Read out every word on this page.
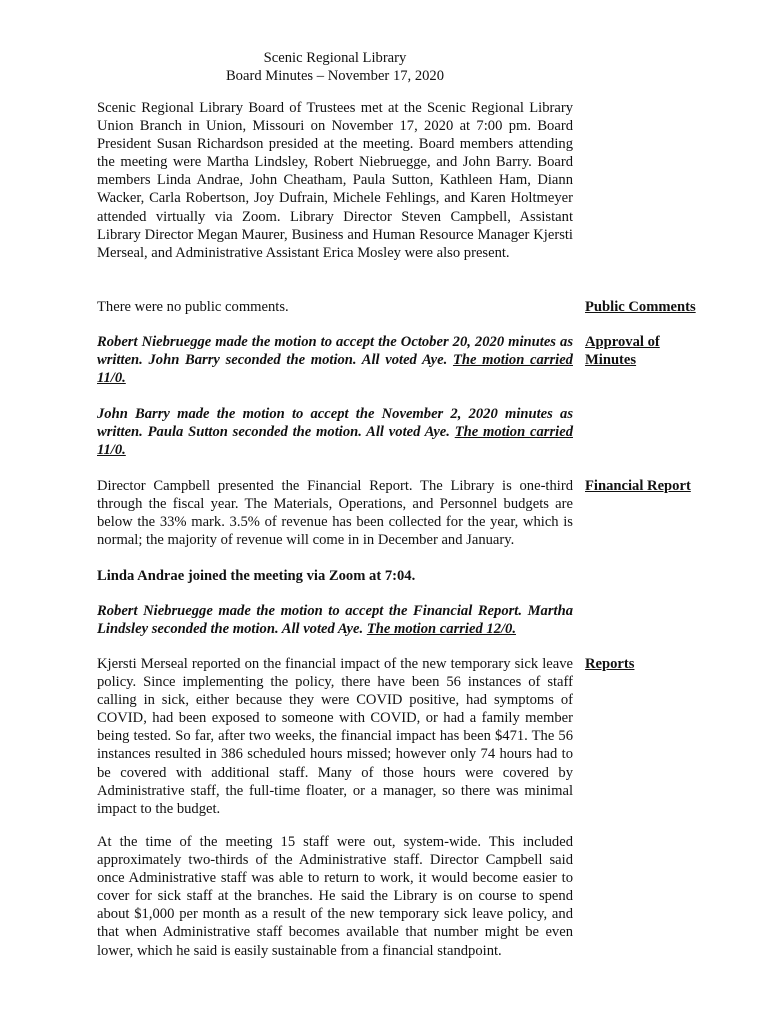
Scenic Regional Library
Board Minutes – November 17, 2020

Scenic Regional Library Board of Trustees met at the Scenic Regional Library Union Branch in Union, Missouri on November 17, 2020 at 7:00 pm. Board President Susan Richardson presided at the meeting. Board members attending the meeting were Martha Lindsley, Robert Niebruegge, and John Barry. Board members Linda Andrae, John Cheatham, Paula Sutton, Kathleen Ham, Diann Wacker, Carla Robertson, Joy Dufrain, Michele Fehlings, and Karen Holtmeyer attended virtually via Zoom. Library Director Steven Campbell, Assistant Library Director Megan Maurer, Business and Human Resource Manager Kjersti Merseal, and Administrative Assistant Erica Mosley were also present.

There were no public comments.	Public Comments

Robert Niebruegge made the motion to accept the October 20, 2020 minutes as written. John Barry seconded the motion. All voted Aye. The motion carried 11/0.

Approval of
Minutes

John Barry made the motion to accept the November 2, 2020 minutes as written. Paula Sutton seconded the motion. All voted Aye. The motion carried 11/0.

Director Campbell presented the Financial Report. The Library is one-third through the fiscal year. The Materials, Operations, and Personnel budgets are below the 33% mark. 3.5% of revenue has been collected for the year, which is normal; the majority of revenue will come in in December and January.

Financial Report

Linda Andrae joined the meeting via Zoom at 7:04.

Robert Niebruegge made the motion to accept the Financial Report. Martha Lindsley seconded the motion. All voted Aye. The motion carried 12/0.

Kjersti Merseal reported on the financial impact of the new temporary sick leave policy. Since implementing the policy, there have been 56 instances of staff calling in sick, either because they were COVID positive, had symptoms of COVID, had been exposed to someone with COVID, or had a family member being tested. So far, after two weeks, the financial impact has been $471. The 56 instances resulted in 386 scheduled hours missed; however only 74 hours had to be covered with additional staff. Many of those hours were covered by Administrative staff, the full-time floater, or a manager, so there was minimal impact to the budget.

Reports

At the time of the meeting 15 staff were out, system-wide. This included approximately two-thirds of the Administrative staff. Director Campbell said once Administrative staff was able to return to work, it would become easier to cover for sick staff at the branches. He said the Library is on course to spend about $1,000 per month as a result of the new temporary sick leave policy, and that when Administrative staff becomes available that number might be even lower, which he said is easily sustainable from a financial standpoint.
